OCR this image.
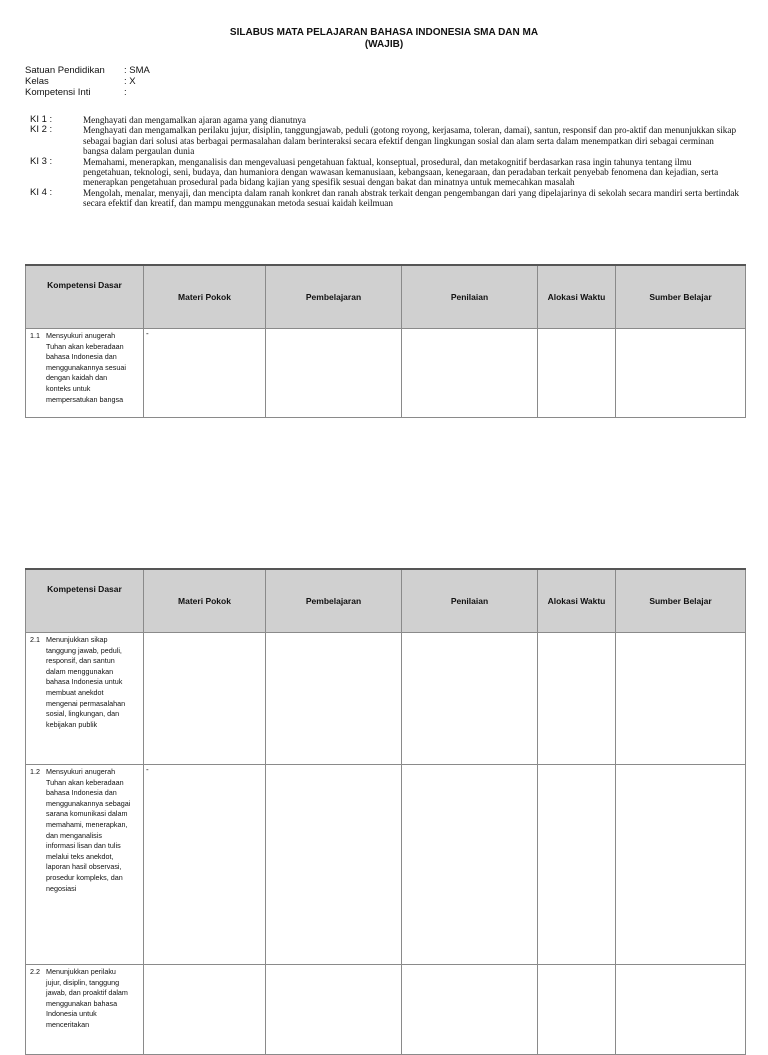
SILABUS MATA PELAJARAN BAHASA INDONESIA SMA DAN MA
(WAJIB)
Satuan Pendidikan	: SMA
Kelas	: X
Kompetensi Inti	:
KI 1 :	Menghayati dan mengamalkan ajaran agama yang dianutnya
KI 2 :	Menghayati dan mengamalkan perilaku jujur, disiplin, tanggungjawab, peduli (gotong royong, kerjasama, toleran, damai), santun, responsif dan pro-aktif dan menunjukkan sikap sebagai bagian dari solusi atas berbagai permasalahan dalam berinteraksi secara efektif dengan lingkungan sosial dan alam serta dalam menempatkan diri sebagai cerminan bangsa dalam pergaulan dunia
KI 3 :	Memahami, menerapkan, menganalisis dan mengevaluasi pengetahuan faktual, konseptual, prosedural, dan metakognitif berdasarkan rasa ingin tahunya tentang ilmu pengetahuan, teknologi, seni, budaya, dan humaniora dengan wawasan kemanusiaan, kebangsaan, kenegaraan, dan peradaban terkait penyebab fenomena dan kejadian, serta menerapkan pengetahuan prosedural pada bidang kajian yang spesifik sesuai dengan bakat dan minatnya untuk memecahkan masalah
KI 4 :	Mengolah, menalar, menyaji, dan mencipta dalam ranah konkret dan ranah abstrak terkait dengan pengembangan dari yang dipelajarinya di sekolah secara mandiri serta bertindak secara efektif dan kreatif, dan mampu menggunakan metoda sesuai kaidah keilmuan
Kompetensi Dasar	Materi Pokok	Pembelajaran	Penilaian	Alokasi Waktu	Sumber Belajar

1.1 Mensyukuri anugerah Tuhan akan keberadaan bahasa Indonesia dan menggunakannya sesuai dengan kaidah dan konteks untuk mempersatukan bangsa	-				

Kompetensi Dasar	Materi Pokok	Pembelajaran	Penilaian	Alokasi Waktu	Sumber Belajar

2.1 Menunjukkan sikap tanggung jawab, peduli, responsif, dan santun dalam menggunakan bahasa Indonesia untuk membuat anekdot mengenai permasalahan sosial, lingkungan, dan kebijakan publik					

1.2 Mensyukuri anugerah Tuhan akan keberadaan bahasa Indonesia dan menggunakannya sebagai sarana komunikasi dalam memahami, menerapkan, dan menganalisis informasi lisan dan tulis melalui teks anekdot, laporan hasil observasi, prosedur kompleks, dan negosiasi	-				

2.2 Menunjukkan perilaku jujur, disiplin, tanggung jawab, dan proaktif dalam menggunakan bahasa Indonesia untuk menceritakan					
